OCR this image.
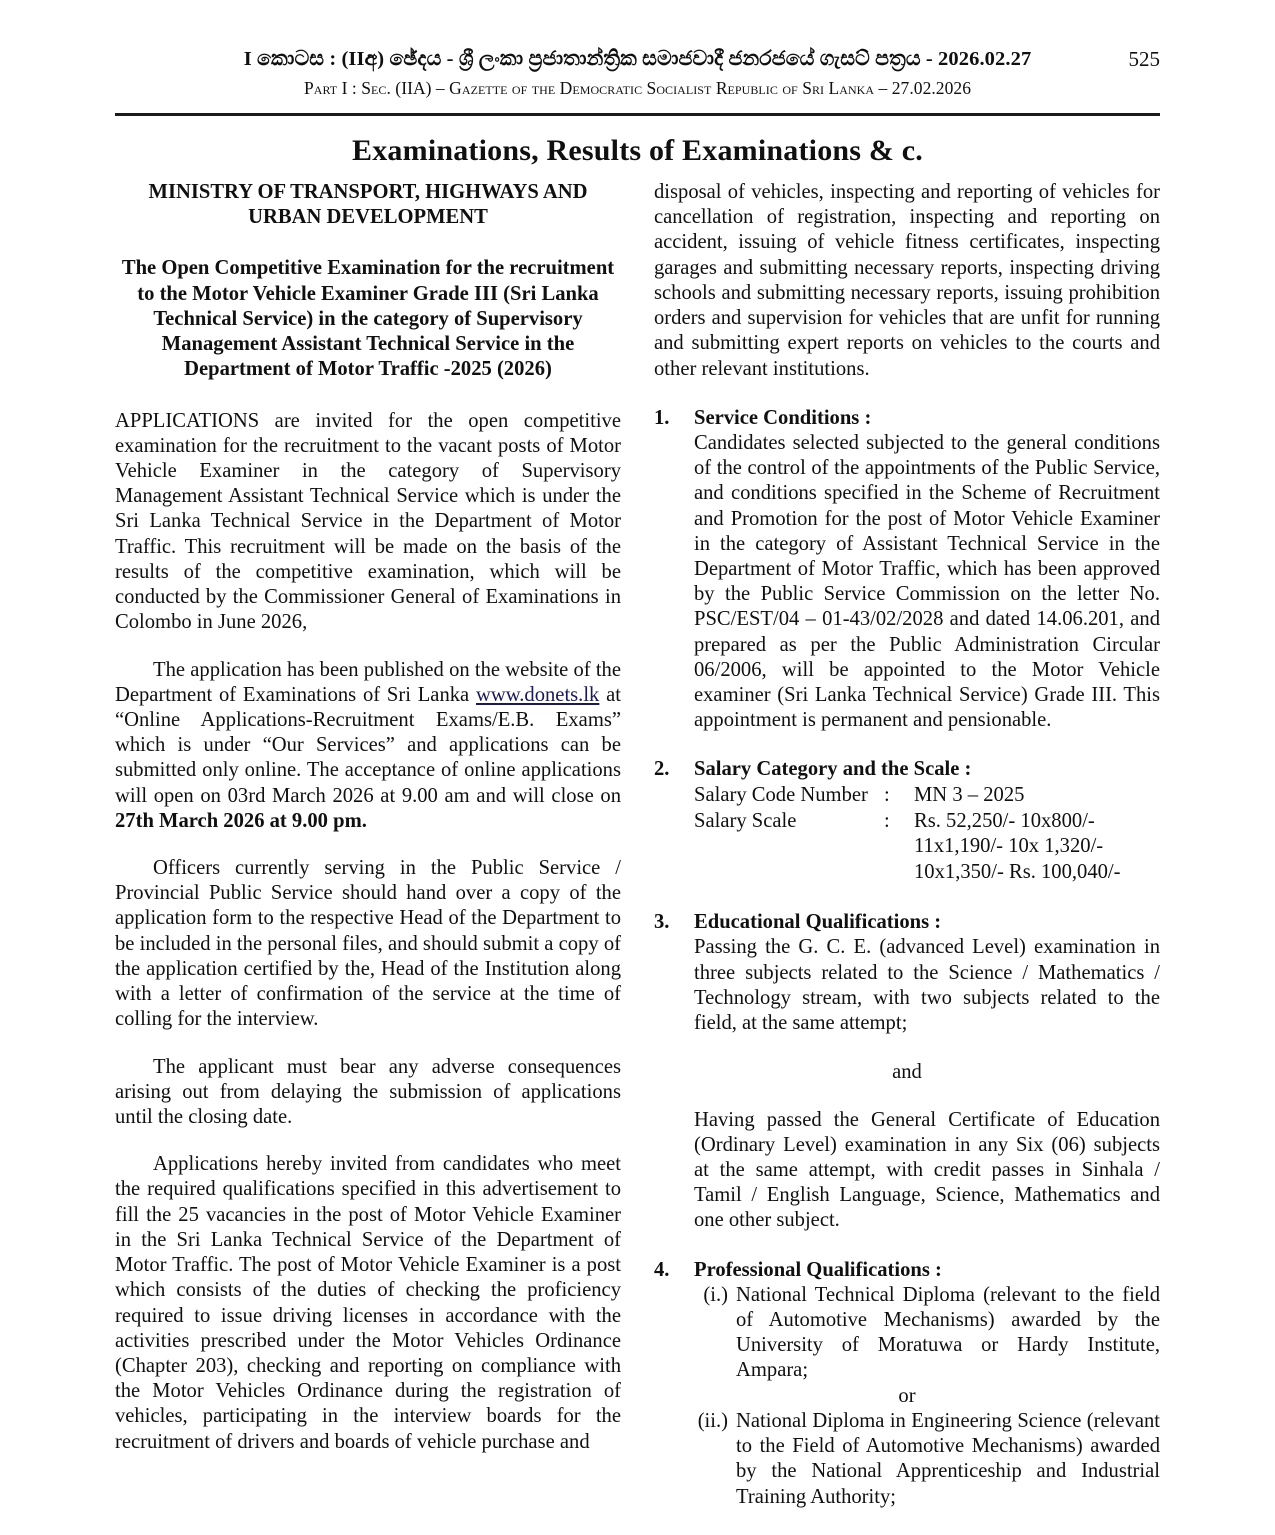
I කොටස : (IIඅ) ඡේදය - ශ්‍රී ලංකා ප්‍රජාතාන්ත්‍රික සමාජවාදී ජනරජයේ ගැසට් පත්‍රය - 2026.02.27	525
Part I : Sec. (IIA) – Gazette of the Democratic Socialist Republic of Sri Lanka – 27.02.2026
Examinations, Results of Examinations & c.

MINISTRY OF TRANSPORT, HIGHWAYS AND URBAN DEVELOPMENT

The Open Competitive Examination for the recruitment to the Motor Vehicle Examiner Grade III (Sri Lanka Technical Service) in the category of Supervisory Management Assistant Technical Service in the Department of Motor Traffic -2025 (2026)

APPLICATIONS are invited for the open competitive examination for the recruitment to the vacant posts of Motor Vehicle Examiner in the category of Supervisory Management Assistant Technical Service which is under the Sri Lanka Technical Service in the Department of Motor Traffic. This recruitment will be made on the basis of the results of the competitive examination, which will be conducted by the Commissioner General of Examinations in Colombo in June 2026,

The application has been published on the website of the Department of Examinations of Sri Lanka www.donets.lk at “Online Applications-Recruitment Exams/E.B. Exams” which is under “Our Services” and applications can be submitted only online. The acceptance of online applications will open on 03rd March 2026 at 9.00 am and will close on 27th March 2026 at 9.00 pm.

Officers currently serving in the Public Service / Provincial Public Service should hand over a copy of the application form to the respective Head of the Department to be included in the personal files, and should submit a copy of the application certified by the, Head of the Institution along with a letter of confirmation of the service at the time of colling for the interview.

The applicant must bear any adverse consequences arising out from delaying the submission of applications until the closing date.

Applications hereby invited from candidates who meet the required qualifications specified in this advertisement to fill the 25 vacancies in the post of Motor Vehicle Examiner in the Sri Lanka Technical Service of the Department of Motor Traffic. The post of Motor Vehicle Examiner is a post which consists of the duties of checking the proficiency required to issue driving licenses in accordance with the activities prescribed under the Motor Vehicles Ordinance (Chapter 203), checking and reporting on compliance with the Motor Vehicles Ordinance during the registration of vehicles, participating in the interview boards for the recruitment of drivers and boards of vehicle purchase and

disposal of vehicles, inspecting and reporting of vehicles for cancellation of registration, inspecting and reporting on accident, issuing of vehicle fitness certificates, inspecting garages and submitting necessary reports, inspecting driving schools and submitting necessary reports, issuing prohibition orders and supervision for vehicles that are unfit for running and submitting expert reports on vehicles to the courts and other relevant institutions.

1.	Service Conditions :

Candidates selected subjected to the general conditions of the control of the appointments of the Public Service, and conditions specified in the Scheme of Recruitment and Promotion for the post of Motor Vehicle Examiner in the category of Assistant Technical Service in the Department of Motor Traffic, which has been approved by the Public Service Commission on the letter No. PSC/EST/04 – 01-43/02/2028 and dated 14.06.201, and prepared as per the Public Administration Circular 06/2006, will be appointed to the Motor Vehicle examiner (Sri Lanka Technical Service) Grade III. This appointment is permanent and pensionable.

2.	Salary Category and the Scale :
Salary Code Number :	MN 3 – 2025
Salary Scale	:	Rs. 52,250/- 10x800/-
11x1,190/- 10x 1,320/-
10x1,350/- Rs. 100,040/-
3.	Educational Qualifications :

Passing the G. C. E. (advanced Level) examination in three subjects related to the Science / Mathematics / Technology stream, with two subjects related to the field, at the same attempt;

and

Having passed the General Certificate of Education (Ordinary Level) examination in any Six (06) subjects at the same attempt, with credit passes in Sinhala / Tamil / English Language, Science, Mathematics and one other subject.

4.	Professional Qualifications :
(i.) National Technical Diploma (relevant to the field of Automotive Mechanisms) awarded by the University of Moratuwa or Hardy Institute, Ampara;

or

(ii.) National Diploma in Engineering Science (relevant to the Field of Automotive Mechanisms) awarded by the National Apprenticeship and Industrial Training Authority;
